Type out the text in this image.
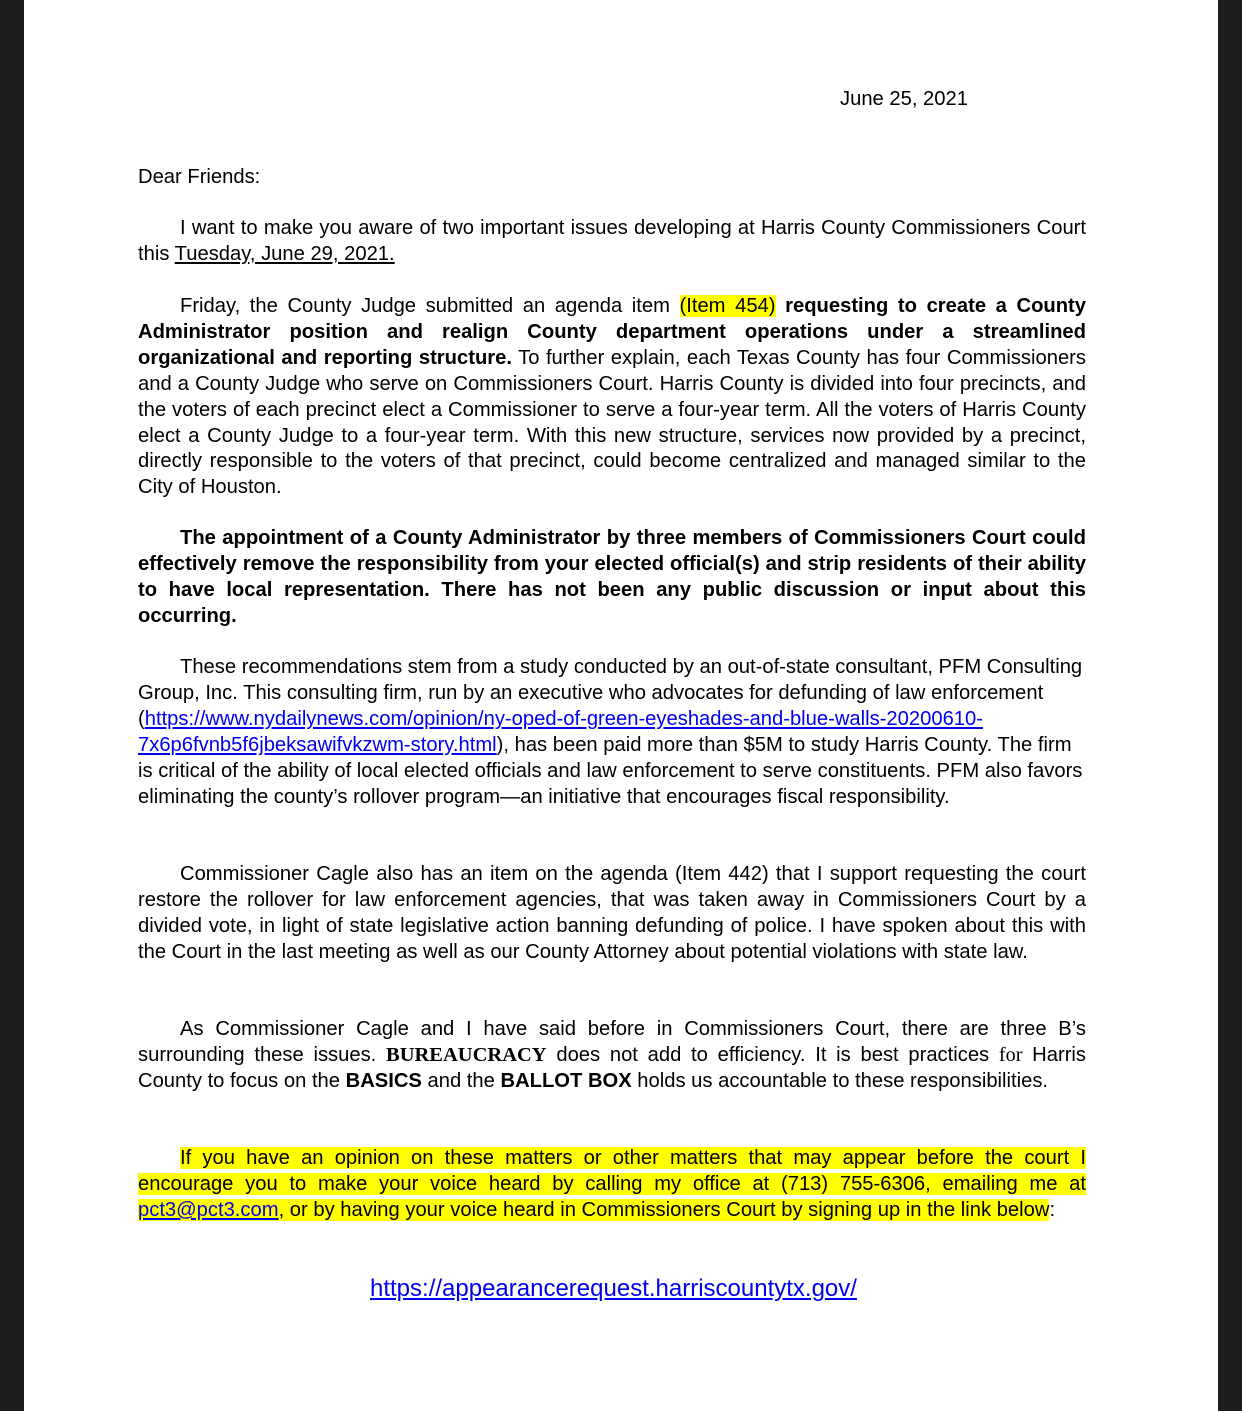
June 25, 2021
Dear Friends:
I want to make you aware of two important issues developing at Harris County Commissioners Court this Tuesday, June 29, 2021.
Friday, the County Judge submitted an agenda item (Item 454) requesting to create a County Administrator position and realign County department operations under a streamlined organizational and reporting structure. To further explain, each Texas County has four Commissioners and a County Judge who serve on Commissioners Court. Harris County is divided into four precincts, and the voters of each precinct elect a Commissioner to serve a four-year term. All the voters of Harris County elect a County Judge to a four-year term. With this new structure, services now provided by a precinct, directly responsible to the voters of that precinct, could become centralized and managed similar to the City of Houston.
The appointment of a County Administrator by three members of Commissioners Court could effectively remove the responsibility from your elected official(s) and strip residents of their ability to have local representation. There has not been any public discussion or input about this occurring.
These recommendations stem from a study conducted by an out-of-state consultant, PFM Consulting Group, Inc. This consulting firm, run by an executive who advocates for defunding of law enforcement (https://www.nydailynews.com/opinion/ny-oped-of-green-eyeshades-and-blue-walls-20200610-7x6p6fvnb5f6jbeksawifvkzwm-story.html), has been paid more than $5M to study Harris County. The firm is critical of the ability of local elected officials and law enforcement to serve constituents. PFM also favors eliminating the county’s rollover program—an initiative that encourages fiscal responsibility.
Commissioner Cagle also has an item on the agenda (Item 442) that I support requesting the court restore the rollover for law enforcement agencies, that was taken away in Commissioners Court by a divided vote, in light of state legislative action banning defunding of police. I have spoken about this with the Court in the last meeting as well as our County Attorney about potential violations with state law.
As Commissioner Cagle and I have said before in Commissioners Court, there are three B’s surrounding these issues. BUREAUCRACY does not add to efficiency. It is best practices for Harris County to focus on the BASICS and the BALLOT BOX holds us accountable to these responsibilities.
If you have an opinion on these matters or other matters that may appear before the court I encourage you to make your voice heard by calling my office at (713) 755-6306, emailing me at pct3@pct3.com, or by having your voice heard in Commissioners Court by signing up in the link below:
https://appearancerequest.harriscountytx.gov/
